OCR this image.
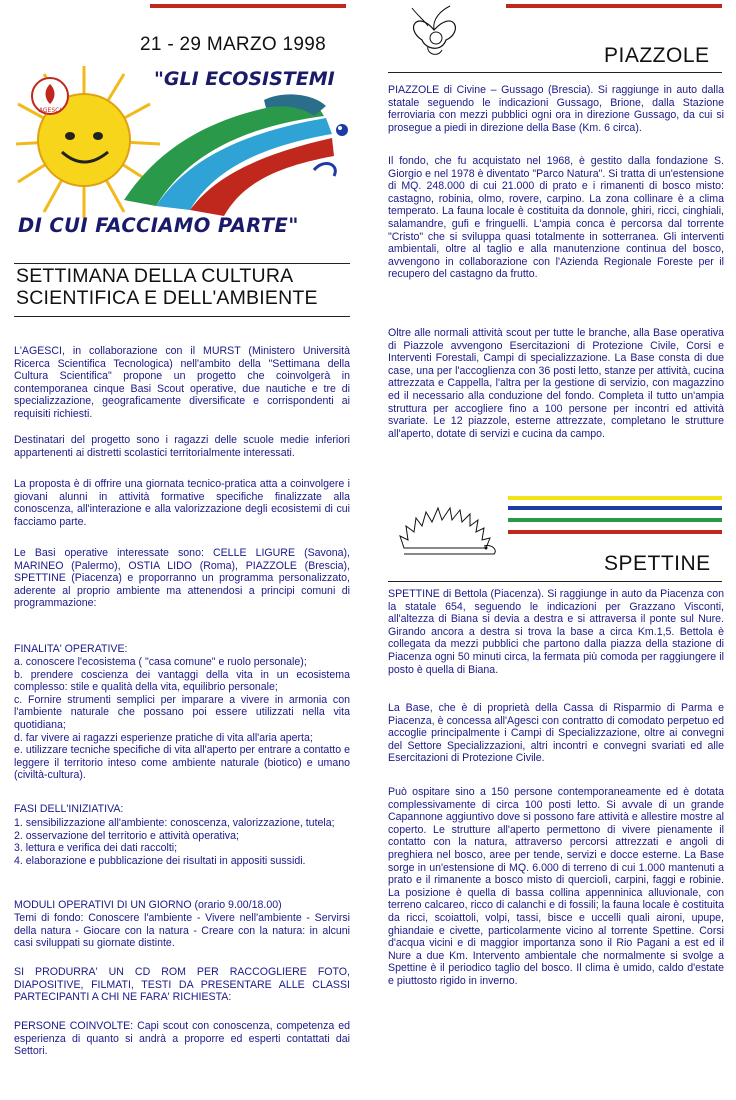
21 - 29 MARZO 1998
AGESCI
"GLI ECOSISTEMI
DI CUI FACCIAMO PARTE"
SETTIMANA DELLA CULTURA
SCIENTIFICA E DELL'AMBIENTE

L'AGESCI, in collaborazione con il MURST (Ministero Università Ricerca Scientifica Tecnologica) nell'ambito della "Settimana della Cultura Scientifica" propone un progetto che coinvolgerà in contemporanea cinque Basi Scout operative, due nautiche e tre di specializzazione, geograficamente diversificate e corrispondenti ai requisiti richiesti.

Destinatari del progetto sono i ragazzi delle scuole medie inferiori appartenenti ai distretti scolastici territorialmente interessati.

La proposta è di offrire una giornata tecnico-pratica atta a coinvolgere i giovani alunni in attività formative specifiche finalizzate alla conoscenza, all'interazione e alla valorizzazione degli ecosistemi di cui facciamo parte.

Le Basi operative interessate sono: CELLE LIGURE (Savona), MARINEO (Palermo), OSTIA LIDO (Roma), PIAZZOLE (Brescia), SPETTINE (Piacenza) e proporranno un programma personalizzato, aderente al proprio ambiente ma attenendosi a principi comuni di programmazione:

FINALITA' OPERATIVE:

a. conoscere l'ecosistema ( "casa comune" e ruolo personale);

b. prendere coscienza dei vantaggi della vita in un ecosistema complesso: stile e qualità della vita, equilibrio personale;

c. Fornire strumenti semplici per imparare a vivere in armonia con l'ambiente naturale che possano poi essere utilizzati nella vita quotidiana;

d. far vivere ai ragazzi esperienze pratiche di vita all'aria aperta;

e. utilizzare tecniche specifiche di vita all'aperto per entrare a contatto e leggere il territorio inteso come ambiente naturale (biotico) e umano (civiltà-cultura).

FASI DELL'INIZIATIVA:

1. sensibilizzazione all'ambiente: conoscenza, valorizzazione, tutela;

2. osservazione del territorio e attività operativa;

3. lettura e verifica dei dati raccolti;

4. elaborazione e pubblicazione dei risultati in appositi sussidi.

MODULI OPERATIVI DI UN GIORNO (orario 9.00/18.00)

Temi di fondo: Conoscere l'ambiente - Vivere nell'ambiente - Servirsi della natura - Giocare con la natura - Creare con la natura: in alcuni casi sviluppati su giornate distinte.

SI PRODURRA' UN CD ROM PER RACCOGLIERE FOTO, DIAPOSITIVE, FILMATI, TESTI DA PRESENTARE ALLE CLASSI PARTECIPANTI A CHI NE FARA' RICHIESTA:

PERSONE COINVOLTE: Capi scout con conoscenza, competenza ed esperienza di quanto si andrà a proporre ed esperti contattati dai Settori.

PIAZZOLE

PIAZZOLE di Civine – Gussago (Brescia). Si raggiunge in auto dalla statale seguendo le indicazioni Gussago, Brione, dalla Stazione ferroviaria con mezzi pubblici ogni ora in direzione Gussago, da cui si prosegue a piedi in direzione della Base (Km. 6 circa).

Il fondo, che fu acquistato nel 1968, è gestito dalla fondazione S. Giorgio e nel 1978 è diventato "Parco Natura". Si tratta di un'estensione di MQ. 248.000 di cui 21.000 di prato e i rimanenti di bosco misto: castagno, robinia, olmo, rovere, carpino. La zona collinare è a clima temperato. La fauna locale è costituita da donnole, ghiri, ricci, cinghiali, salamandre, gufi e fringuelli. L'ampia conca è percorsa dal torrente "Cristo" che si sviluppa quasi totalmente in sotterranea. Gli interventi ambientali, oltre al taglio e alla manutenzione continua del bosco, avvengono in collaborazione con l'Azienda Regionale Foreste per il recupero del castagno da frutto.

Oltre alle normali attività scout per tutte le branche, alla Base operativa di Piazzole avvengono Esercitazioni di Protezione Civile, Corsi e Interventi Forestali, Campi di specializzazione. La Base consta di due case, una per l'accoglienza con 36 posti letto, stanze per attività, cucina attrezzata e Cappella, l'altra per la gestione di servizio, con magazzino ed il necessario alla conduzione del fondo. Completa il tutto un'ampia struttura per accogliere fino a 100 persone per incontri ed attività svariate. Le 12 piazzole, esterne attrezzate, completano le strutture all'aperto, dotate di servizi e cucina da campo.

SPETTINE

SPETTINE di Bettola (Piacenza). Si raggiunge in auto da Piacenza con la statale 654, seguendo le indicazioni per Grazzano Visconti, all'altezza di Biana si devia a destra e si attraversa il ponte sul Nure. Girando ancora a destra si trova la base a circa Km.1,5. Bettola è collegata da mezzi pubblici che partono dalla piazza della stazione di Piacenza ogni 50 minuti circa, la fermata più comoda per raggiungere il posto è quella di Biana.

La Base, che è di proprietà della Cassa di Risparmio di Parma e Piacenza, è concessa all'Agesci con contratto di comodato perpetuo ed accoglie principalmente i Campi di Specializzazione, oltre ai convegni del Settore Specializzazioni, altri incontri e convegni svariati ed alle Esercitazioni di Protezione Civile.

Può ospitare sino a 150 persone contemporaneamente ed è dotata complessivamente di circa 100 posti letto. Si avvale di un grande Capannone aggiuntivo dove si possono fare attività e allestire mostre al coperto. Le strutture all'aperto permettono di vivere pienamente il contatto con la natura, attraverso percorsi attrezzati e angoli di preghiera nel bosco, aree per tende, servizi e docce esterne. La Base sorge in un'estensione di MQ. 6.000 di terreno di cui 1.000 mantenuti a prato e il rimanente a bosco misto di querciolì, carpini, faggi e robinie. La posizione è quella di bassa collina appenninica alluvionale, con terreno calcareo, ricco di calanchi e di fossili; la fauna locale è costituita da ricci, scoiattoli, volpi, tassi, bisce e uccelli quali aironi, upupe, ghiandaie e civette, particolarmente vicino al torrente Spettine. Corsi d'acqua vicini e di maggior importanza sono il Rio Pagani a est ed il Nure a due Km. Intervento ambientale che normalmente si svolge a Spettine è il periodico taglio del bosco. Il clima è umido, caldo d'estate e piuttosto rigido in inverno.
